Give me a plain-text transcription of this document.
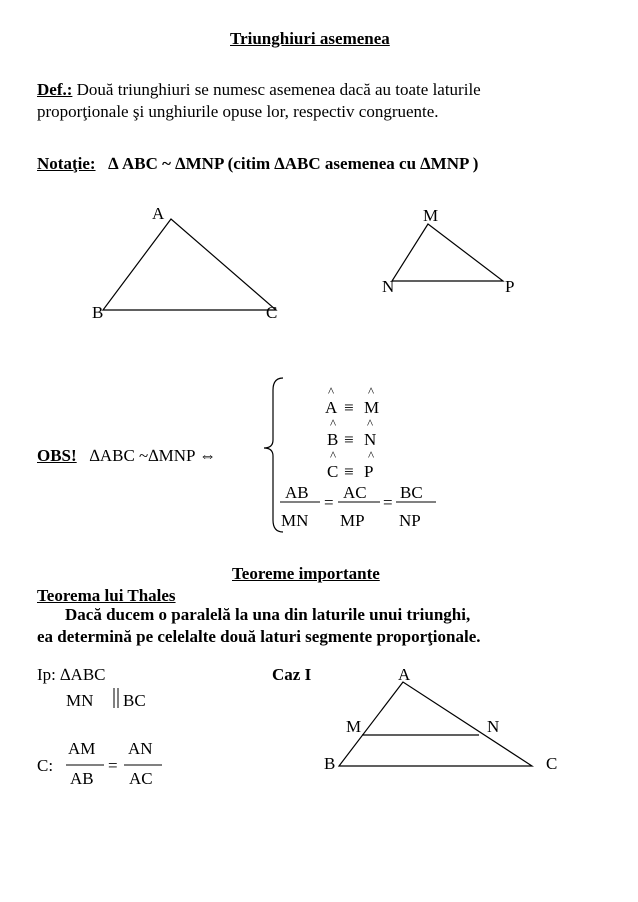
Triunghiuri asemenea
Def.: Două triunghiuri se numesc asemenea dacă au toate laturile
proporţionale şi unghiurile opuse lor, respectiv congruente.
Notaţie: ∆ ABC ~ ∆MNP (citim ∆ABC asemenea cu ∆MNP )
A
B	C
M
N	P
OBS! ∆ABC ~∆MNP ⇔
^	^
A ≡ M
^ ^
B ≡ N
^ ^
C ≡ P
AB
MN
=
AC
MP
=
BC
NP
Teoreme importante
Teorema lui Thales
Dacă ducem o paralelă la una din laturile unui triunghi,
ea determină pe celelalte două laturi segmente proporţionale.
Ip: ∆ABC	Caz I
MN BC
C:
AM
AB
=
AN
AC
A
M	N
B	C
